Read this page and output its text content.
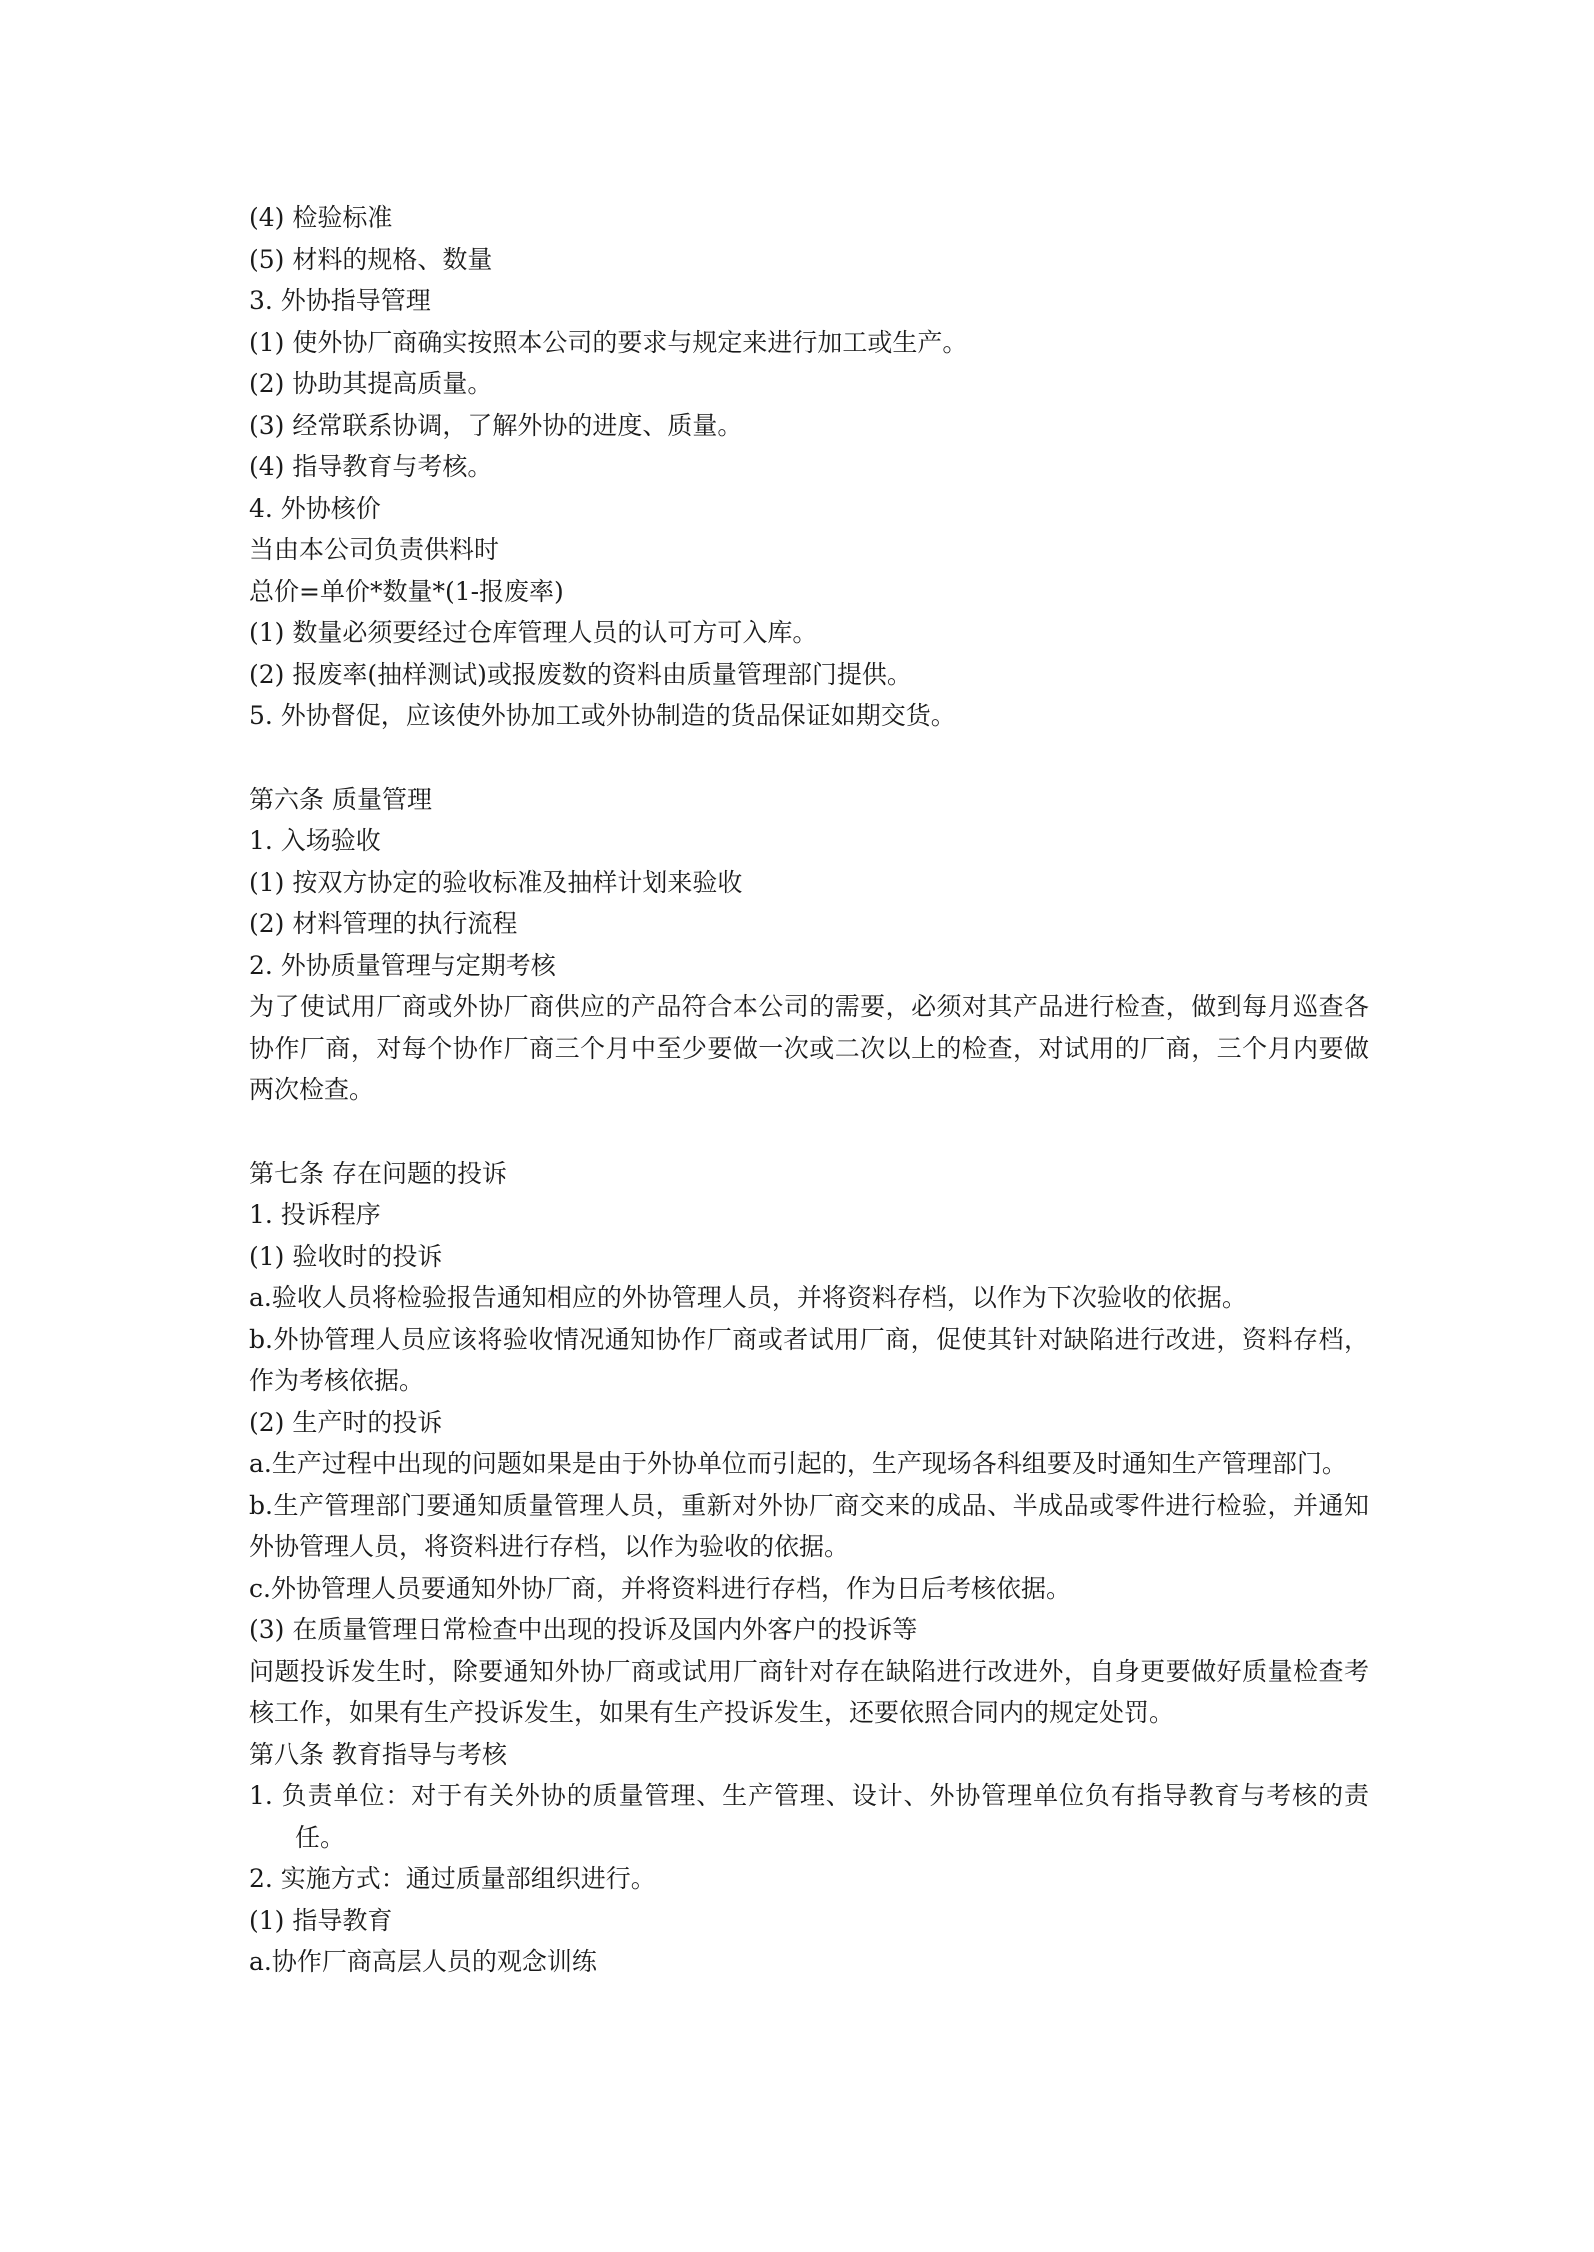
(4) 检验标准

(5) 材料的规格、数量

3. 外协指导管理

(1) 使外协厂商确实按照本公司的要求与规定来进行加工或生产。

(2) 协助其提高质量。

(3) 经常联系协调，了解外协的进度、质量。

(4) 指导教育与考核。

4. 外协核价

当由本公司负责供料时

总价=单价*数量*(1-报废率)

(1) 数量必须要经过仓库管理人员的认可方可入库。

(2) 报废率(抽样测试)或报废数的资料由质量管理部门提供。

5. 外协督促，应该使外协加工或外协制造的货品保证如期交货。

第六条 质量管理

1. 入场验收

(1) 按双方协定的验收标准及抽样计划来验收

(2) 材料管理的执行流程

2. 外协质量管理与定期考核

为了使试用厂商或外协厂商供应的产品符合本公司的需要，必须对其产品进行检查，做到每月巡查各协作厂商，对每个协作厂商三个月中至少要做一次或二次以上的检查，对试用的厂商，三个月内要做两次检查。

第七条 存在问题的投诉

1. 投诉程序

(1) 验收时的投诉

a.验收人员将检验报告通知相应的外协管理人员，并将资料存档，以作为下次验收的依据。

b.外协管理人员应该将验收情况通知协作厂商或者试用厂商，促使其针对缺陷进行改进，资料存档，作为考核依据。

(2) 生产时的投诉

a.生产过程中出现的问题如果是由于外协单位而引起的，生产现场各科组要及时通知生产管理部门。

b.生产管理部门要通知质量管理人员，重新对外协厂商交来的成品、半成品或零件进行检验，并通知外协管理人员，将资料进行存档，以作为验收的依据。

c.外协管理人员要通知外协厂商，并将资料进行存档，作为日后考核依据。

(3) 在质量管理日常检查中出现的投诉及国内外客户的投诉等

问题投诉发生时，除要通知外协厂商或试用厂商针对存在缺陷进行改进外，自身更要做好质量检查考核工作，如果有生产投诉发生，如果有生产投诉发生，还要依照合同内的规定处罚。

第八条 教育指导与考核

1. 负责单位：对于有关外协的质量管理、生产管理、设计、外协管理单位负有指导教育与考核的责任。

2. 实施方式：通过质量部组织进行。

(1) 指导教育

a.协作厂商高层人员的观念训练
